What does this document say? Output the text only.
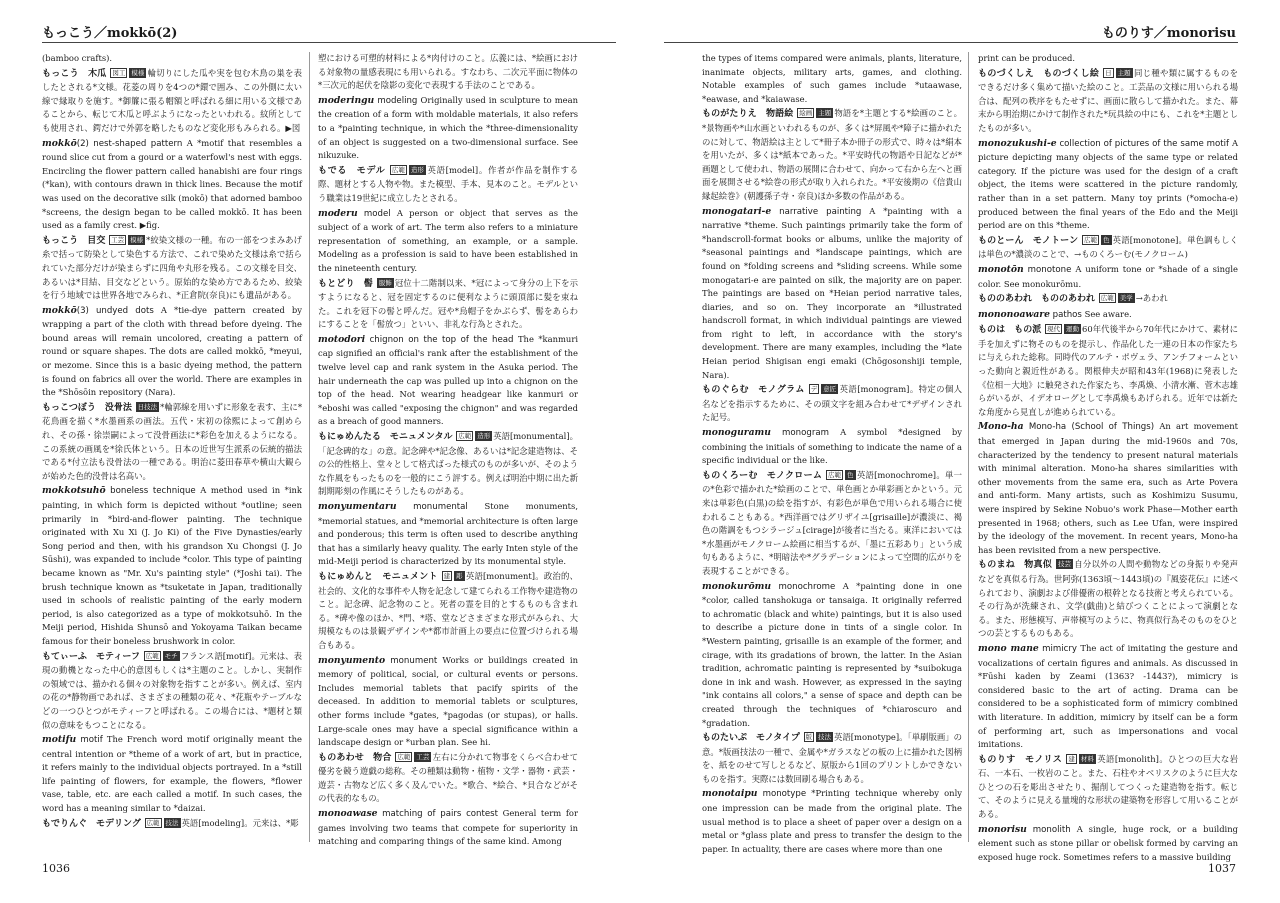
もっこう／mokkō(2)	ものりす／monorisu

(bamboo crafts).

もっこう　木瓜 図工 模様 輪切りにした瓜や実を包む木鳥の巣を表したとされる*文様。花菱の周りを4つの*鐶で囲み、この外側に太い線で縁取りを施す。*御簾に張る帽額と呼ばれる細に用いる文様であることから、転じて木瓜と呼ぶようになったといわれる。紋所としても使用され、鍔だけで外郭を略したものなど変化形もみられる。▶図

mokkō(2) nest-shaped pattern A *motif that resembles a round slice cut from a gourd or a waterfowl's nest with eggs. Encircling the flower pattern called hanabishi are four rings (*kan), with contours drawn in thick lines. Because the motif was used on the decorative silk (mokō) that adorned bamboo *screens, the design began to be called mokkō. It has been used as a family crest. ▶fig.

もっこう　目交 工芸 模様 *絞染文様の一種。布の一部をつまみあげ糸で括って防染として染色する方法で、これで染めた文様は糸で括られていた部分だけが染まらずに四角や丸形を残る。この文様を目交、あるいは*目結、目交などという。原始的な染め方であるため、絞染を行う地域では世界各地でみられ、*正倉院(奈良)にも遺品がある。

mokkō(3) undyed dots A *tie-dye pattern created by wrapping a part of the cloth with thread before dyeing. The bound areas will remain uncolored, creating a pattern of round or square shapes. The dots are called mokkō, *meyui, or mezome. Since this is a basic dyeing method, the pattern is found on fabrics all over the world. There are examples in the *Shōsōin repository (Nara).

もっこつぼう　没骨法 日技法 *輪郭線を用いずに形象を表す、主に*花鳥画を描く*水墨画系の画法。五代・宋初の徐熙によって創められ、その孫・徐崇嗣によって没骨画法に*彩色を加えるようになる。この系統の画風を*徐氏体という。日本の近世写生派系の伝統的描法である*付立法も没骨法の一種である。明治に菱田春草や横山大観らが始めた色的没骨は名高い。

mokkotsuhō boneless technique A method used in *ink painting, in which form is depicted without *outline; seen primarily in *bird-and-flower painting. The technique originated with Xu Xi (J. Jo Ki) of the Five Dynasties/early Song period and then, with his grandson Xu Chongsi (J. Jo Sūshi), was expanded to include *color. This type of painting became known as "Mr. Xu's painting style" (*Joshi tai). The brush technique known as *tsuketate in Japan, traditionally used in schools of realistic painting of the early modern period, is also categorized as a type of mokkotsuhō. In the Meiji period, Hishida Shunsō and Yokoyama Taikan became famous for their boneless brushwork in color.

もてぃーふ　モティーフ 広範 モチ フランス語[motif]。元来は、表現の動機となった中心的意図もしくは*主題のこと。しかし、実制作の領域では、描かれる個々の対象物を指すことが多い。例えば、室内の花の*静物画であれば、さまざまの種類の花々、*花瓶やテーブルなどの一つひとつがモティーフと呼ばれる。この場合には、*題材と類似の意味をもつことになる。

motifu motif The French word motif originally meant the central intention or *theme of a work of art, but in practice, it refers mainly to the individual objects portrayed. In a *still life painting of flowers, for example, the flowers, *flower vase, table, etc. are each called a motif. In such cases, the word has a meaning similar to *daizai.

もでりんぐ　モデリング 広範 技法 英語[modeling]。元来は、*彫

塑における可塑的材料による*肉付けのこと。広義には、*絵画における対象物の量感表現にも用いられる。すなわち、二次元平面に物体の*三次元的起伏を陰影の変化で表現する手法のことである。

moderingu modeling Originally used in sculpture to mean the creation of a form with moldable materials, it also refers to a *painting technique, in which the *three-dimensionality of an object is suggested on a two-dimensional surface. See nikuzuke.

もでる　モデル 広範 造形 英語[model]。作者が作品を制作する際、題材とする人物や物。また模型、手本、見本のこと。モデルという職業は19世紀に成立したとされる。

moderu model A person or object that serves as the subject of a work of art. The term also refers to a miniature representation of something, an example, or a sample. Modeling as a profession is said to have been established in the nineteenth century.

もとどり　髻 服飾 冠位十二階制以来、*冠によって身分の上下を示すようになると、冠を固定するのに便利なように頭頂部に髪を束ねた。これを冠下の髻と呼んだ。冠や*烏帽子をかぶらず、髻をあらわにすることを「髻放つ」といい、非礼な行為とされた。

motodori chignon on the top of the head The *kanmuri cap signified an official's rank after the establishment of the twelve level cap and rank system in the Asuka period. The hair underneath the cap was pulled up into a chignon on the top of the head. Not wearing headgear like kanmuri or *eboshi was called "exposing the chignon" and was regarded as a breach of good manners.

もにゅめんたる　モニュメンタル 広範 造形 英語[monumental]。「記念碑的な」の意。記念碑や*記念像、あるいは*記念建造物は、その公的性格上、堂々として格式ばった様式のものが多いが、そのような作風をもったものを一般的にこう評する。例えば明治中期に出た新制期彫刻の作風にそうしたものがある。

monyumentaru monumental Stone monuments, *memorial statues, and *memorial architecture is often large and ponderous; this term is often used to describe anything that has a similarly heavy quality. The early Inten style of the mid-Meiji period is characterized by its monumental style.

もにゅめんと　モニュメント 建 彫 英語[monument]。政治的、社会的、文化的な事件や人物を記念して建てられる工作物や建造物のこと。記念碑、記念物のこと。死者の霊を目的とするものも含まれる。*碑や像のほか、*門、*塔、堂などさまざまな形式がみられ、大規模なものは景観デザインや*都市計画上の要点に位置づけられる場合もある。

monyumento monument Works or buildings created in memory of political, social, or cultural events or persons. Includes memorial tablets that pacify spirits of the deceased. In addition to memorial tablets or sculptures, other forms include *gates, *pagodas (or stupas), or halls. Large-scale ones may have a special significance within a landscape design or *urban plan. See hi.

ものあわせ　物合 広範 工芸 左右に分かれて物事をくらべ合わせて優劣を競う遊戯の総称。その種類は動物・植物・文学・器物・武芸・遊芸・古物など広く多く及んでいた。*歌合、*絵合、*貝合などがその代表的なもの。

monoawase matching of pairs contest General term for games involving two teams that compete for superiority in matching and comparing things of the same kind. Among

the types of items compared were animals, plants, literature, inanimate objects, military arts, games, and clothing. Notable examples of such games include *utaawase, *eawase, and *kaiawase.

ものがたりえ　物語絵 絵画 主題 物語を*主題とする*絵画のこと。*景物画や*山水画といわれるものが、多くは*屏風や*障子に描かれたのに対して、物語絵は主として*冊子本か冊子の形式で、時々は*絹本を用いたが、多くは*紙本であった。*平安時代の物語や日記などが*画題として使われ、物語の展開に合わせて、向かって右から左へと画面を展開させる*絵巻の形式が取り入れられた。*平安後期の《信貴山縁起絵巻》(朝護孫子寺・奈良)ほか多数の作品がある。

monogatari-e narrative painting A *painting with a narrative *theme. Such paintings primarily take the form of *handscroll-format books or albums, unlike the majority of *seasonal paintings and *landscape paintings, which are found on *folding screens and *sliding screens. While some monogatari-e are painted on silk, the majority are on paper. The paintings are based on *Heian period narrative tales, diaries, and so on. They incorporate an *illustrated handscroll format, in which individual paintings are viewed from right to left, in accordance with the story's development. There are many examples, including the *late Heian period Shigisan engi emaki (Chōgosonshiji temple, Nara).

ものぐらむ　モノグラム デ 意匠 英語[monogram]。特定の個人名などを指示するために、その頭文字を組み合わせて*デザインされた記号。

monoguramu monogram A symbol *designed by combining the initials of something to indicate the name of a specific individual or the like.

ものくろーむ　モノクローム 広範 色 英語[monochrome]。単一の*色彩で描かれた*絵画のことで、単色画とか単彩画とかという。元来は単彩色(白黒)の絵を指すが、有彩色が単色で用いられる場合に使われることもある。*西洋画ではグリザイユ[grisaille]が濃淡に、褐色の階調をもつシラージュ[cirage]が後者に当たる。東洋においては*水墨画がモノクローム絵画に相当するが、「墨に五彩あり」という成句もあるように、*明暗法や*グラデーションによって空間的広がりを表現することができる。

monokurōmu monochrome A *painting done in one *color, called tanshokuga or tansaiga. It originally referred to achromatic (black and white) paintings, but it is also used to describe a picture done in tints of a single color. In *Western painting, grisaille is an example of the former, and cirage, with its gradations of brown, the latter. In the Asian tradition, achromatic painting is represented by *suibokuga done in ink and wash. However, as expressed in the saying "ink contains all colors," a sense of space and depth can be created through the techniques of *chiaroscuro and *gradation.

ものたいぷ　モノタイプ 版 技法 英語[monotype]。「単刷版画」の意。*版画技法の一種で、金属や*ガラスなどの板の上に描かれた図柄を、紙をのせて写しとるなど、原版から1回のプリントしかできないものを指す。実際には数回刷る場合もある。

monotaipu monotype *Printing technique whereby only one impression can be made from the original plate. The usual method is to place a sheet of paper over a design on a metal or *glass plate and press to transfer the design to the paper. In actuality, there are cases where more than one

print can be produced.

ものづくしえ　ものづくし絵 日 主題 同じ種や類に属するものをできるだけ多く集めて描いた絵のこと。工芸品の文様に用いられる場合は、配列の秩序をもたせずに、画面に散らして描かれた。また、幕末から明治期にかけて制作された*玩具絵の中にも、これを*主題としたものが多い。

monozukushi-e collection of pictures of the same motif A picture depicting many objects of the same type or related category. If the picture was used for the design of a craft object, the items were scattered in the picture randomly, rather than in a set pattern. Many toy prints (*omocha-e) produced between the final years of the Edo and the Meiji period are on this *theme.

ものとーん　モノトーン 広範 色 英語[monotone]。単色調もしくは単色の*濃淡のことで、→ものくろーむ(モノクローム)

monotōn monotone A uniform tone or *shade of a single color. See monokurōmu.

もののあわれ　もののあわれ 広範 美学 →あわれ

mononoaware pathos See aware.

ものは　もの派 現代 運動 60年代後半から70年代にかけて、素材に手を加えずに物そのものを提示し、作品化した一連の日本の作家たちに与えられた総称。同時代のアルテ・ポヴェラ、アンチフォームといった動向と親近性がある。関根伸夫が昭和43年(1968)に発表した《位相－大地》に触発された作家たち、李禹煥、小清水漸、菅木志雄らがいるが、イデオローグとして李禹煥もあげられる。近年では新たな角度から見直しが進められている。

Mono-ha Mono-ha (School of Things) An art movement that emerged in Japan during the mid-1960s and 70s, characterized by the tendency to present natural materials with minimal alteration. Mono-ha shares similarities with other movements from the same era, such as Arte Povera and anti-form. Many artists, such as Koshimizu Susumu, were inspired by Sekine Nobuo's work Phase—Mother earth presented in 1968; others, such as Lee Ufan, were inspired by the ideology of the movement. In recent years, Mono-ha has been revisited from a new perspective.

ものまね　物真似 技芸 自分以外の人間や動物などの身振りや発声などを真似る行為。世阿弥(1363頃〜1443頃)の『風姿花伝』に述べられており、演劇および俳優術の根幹となる技術と考えられている。その行為が洗練され、文学(戯曲)と結びつくことによって演劇となる。また、形態模写、声帯模写のように、物真似行為そのものをひとつの芸とするものもある。

mono mane mimicry The act of imitating the gesture and vocalizations of certain figures and animals. As discussed in *Fūshi kaden by Zeami (1363? -1443?), mimicry is considered basic to the art of acting. Drama can be considered to be a sophisticated form of mimicry combined with literature. In addition, mimicry by itself can be a form of performing art, such as impersonations and vocal imitations.

ものりす　モノリス 建 材料 英語[monolith]。ひとつの巨大な岩石、一本石、一枚岩のこと。また、石柱やオベリスクのように巨大なひとつの石を彫出させたり、掘削してつくった建造物を指す。転じて、そのように見える量塊的な形状の建築物を形容して用いることがある。

monorisu monolith A single, huge rock, or a building element such as stone pillar or obelisk formed by carving an exposed huge rock. Sometimes refers to a massive building

1036	1037
